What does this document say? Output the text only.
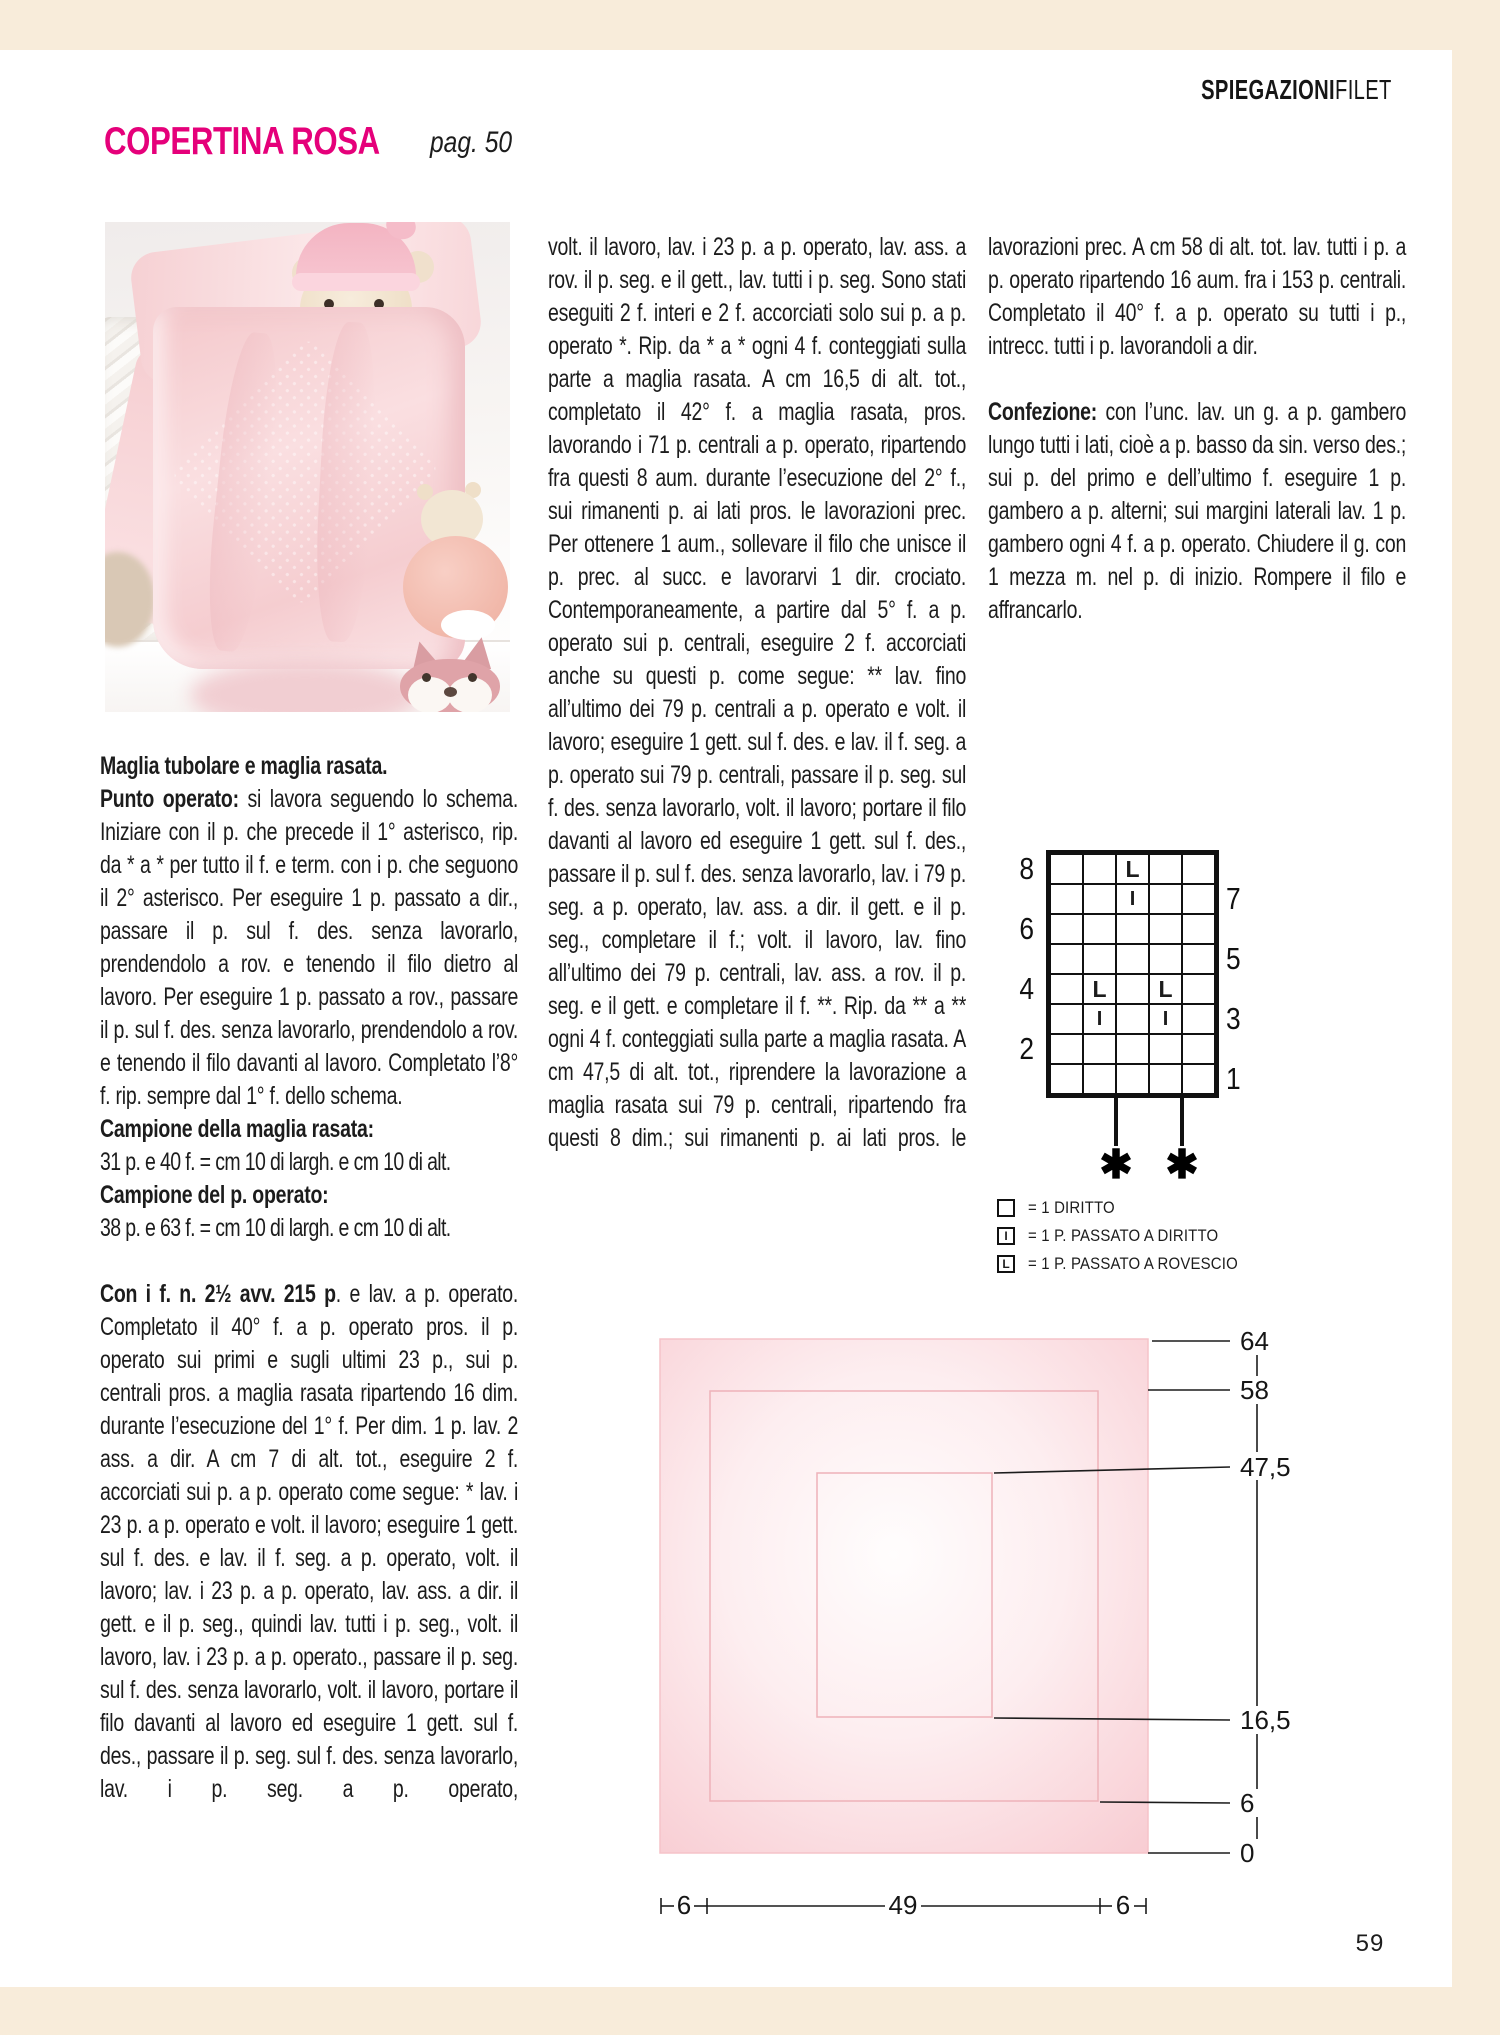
SPIEGAZIONIFILET
COPERTINA ROSA pag. 50

Maglia tubolare e maglia rasata.

Punto operato: si lavora seguendo lo schema. Iniziare con il p. che precede il 1° asterisco, rip. da * a * per tutto il f. e term. con i p. che seguono il 2° asterisco. Per eseguire 1 p. passato a dir., passare il p. sul f. des. senza lavorarlo, prendendolo a rov. e tenendo il filo dietro al lavoro. Per eseguire 1 p. passato a rov., passare il p. sul f. des. senza lavorarlo, prendendolo a rov. e tenendo il filo davanti al lavoro. Completato l’8° f. rip. sempre dal 1° f. dello schema.

Campione della maglia rasata:

31 p. e 40 f. = cm 10 di largh. e cm 10 di alt.

Campione del p. operato:

38 p. e 63 f. = cm 10 di largh. e cm 10 di alt.

Con i f. n. 2½ avv. 215 p. e lav. a p. operato. Completato il 40° f. a p. operato pros. il p. operato sui primi e sugli ultimi 23 p., sui p. centrali pros. a maglia rasata ripartendo 16 dim. durante l’esecuzione del 1° f. Per dim. 1 p. lav. 2 ass. a dir. A cm 7 di alt. tot., eseguire 2 f. accorciati sui p. a p. operato come segue: * lav. i 23 p. a p. operato e volt. il lavoro; eseguire 1 gett. sul f. des. e lav. il f. seg. a p. operato, volt. il lavoro; lav. i 23 p. a p. operato, lav. ass. a dir. il gett. e il p. seg., quindi lav. tutti i p. seg., volt. il lavoro, lav. i 23 p. a p. operato., passare il p. seg. sul f. des. senza lavorarlo, volt. il lavoro, portare il filo davanti al lavoro ed eseguire 1 gett. sul f. des., passare il p. seg. sul f. des. senza lavorarlo, lav. i p. seg. a p. operato,

volt. il lavoro, lav. i 23 p. a p. operato, lav. ass. a rov. il p. seg. e il gett., lav. tutti i p. seg. Sono stati eseguiti 2 f. interi e 2 f. accorciati solo sui p. a p. operato *. Rip. da * a * ogni 4 f. conteggiati sulla parte a maglia rasata. A cm 16,5 di alt. tot., completato il 42° f. a maglia rasata, pros. lavorando i 71 p. centrali a p. operato, ripartendo fra questi 8 aum. durante l’esecuzione del 2° f., sui rimanenti p. ai lati pros. le lavorazioni prec. Per ottenere 1 aum., sollevare il filo che unisce il p. prec. al succ. e lavorarvi 1 dir. crociato. Contemporaneamente, a partire dal 5° f. a p. operato sui p. centrali, eseguire 2 f. accorciati anche su questi p. come segue: ** lav. fino all’ultimo dei 79 p. centrali a p. operato e volt. il lavoro; eseguire 1 gett. sul f. des. e lav. il f. seg. a p. operato sui 79 p. centrali, passare il p. seg. sul f. des. senza lavorarlo, volt. il lavoro; portare il filo davanti al lavoro ed eseguire 1 gett. sul f. des., passare il p. sul f. des. senza lavorarlo, lav. i 79 p. seg. a p. operato, lav. ass. a dir. il gett. e il p. seg., completare il f.; volt. il lavoro, lav. fino all’ultimo dei 79 p. centrali, lav. ass. a rov. il p. seg. e il gett. e completare il f. **. Rip. da ** a ** ogni 4 f. conteggiati sulla parte a maglia rasata. A cm 47,5 di alt. tot., riprendere la lavorazione a maglia rasata sui 79 p. centrali, ripartendo fra questi 8 dim.; sui rimanenti p. ai lati pros. le

lavorazioni prec. A cm 58 di alt. tot. lav. tutti i p. a p. operato ripartendo 16 aum. fra i 153 p. centrali. Completato il 40° f. a p. operato su tutti i p., intrecc. tutti i p. lavorandoli a dir.

Confezione: con l’unc. lav. un g. a p. gambero lungo tutti i lati, cioè a p. basso da sin. verso des.; sui p. del primo e dell’ultimo f. eseguire 1 p. gambero a p. alterni; sui margini laterali lav. 1 p. gambero ogni 4 f. a p. operato. Chiudere il g. con 1 mezza m. nel p. di inizio. Rompere il filo e affrancarlo.

L
I
L L
I	I
✱ ✱
= 1 DIRITTO
I	= 1 P. PASSATO A DIRITTO
L	= 1 P. PASSATO A ROVESCIO
64
58
47,5
16,5
6
0
6	49	6
59
8
6
4
2
7
5
3
1
